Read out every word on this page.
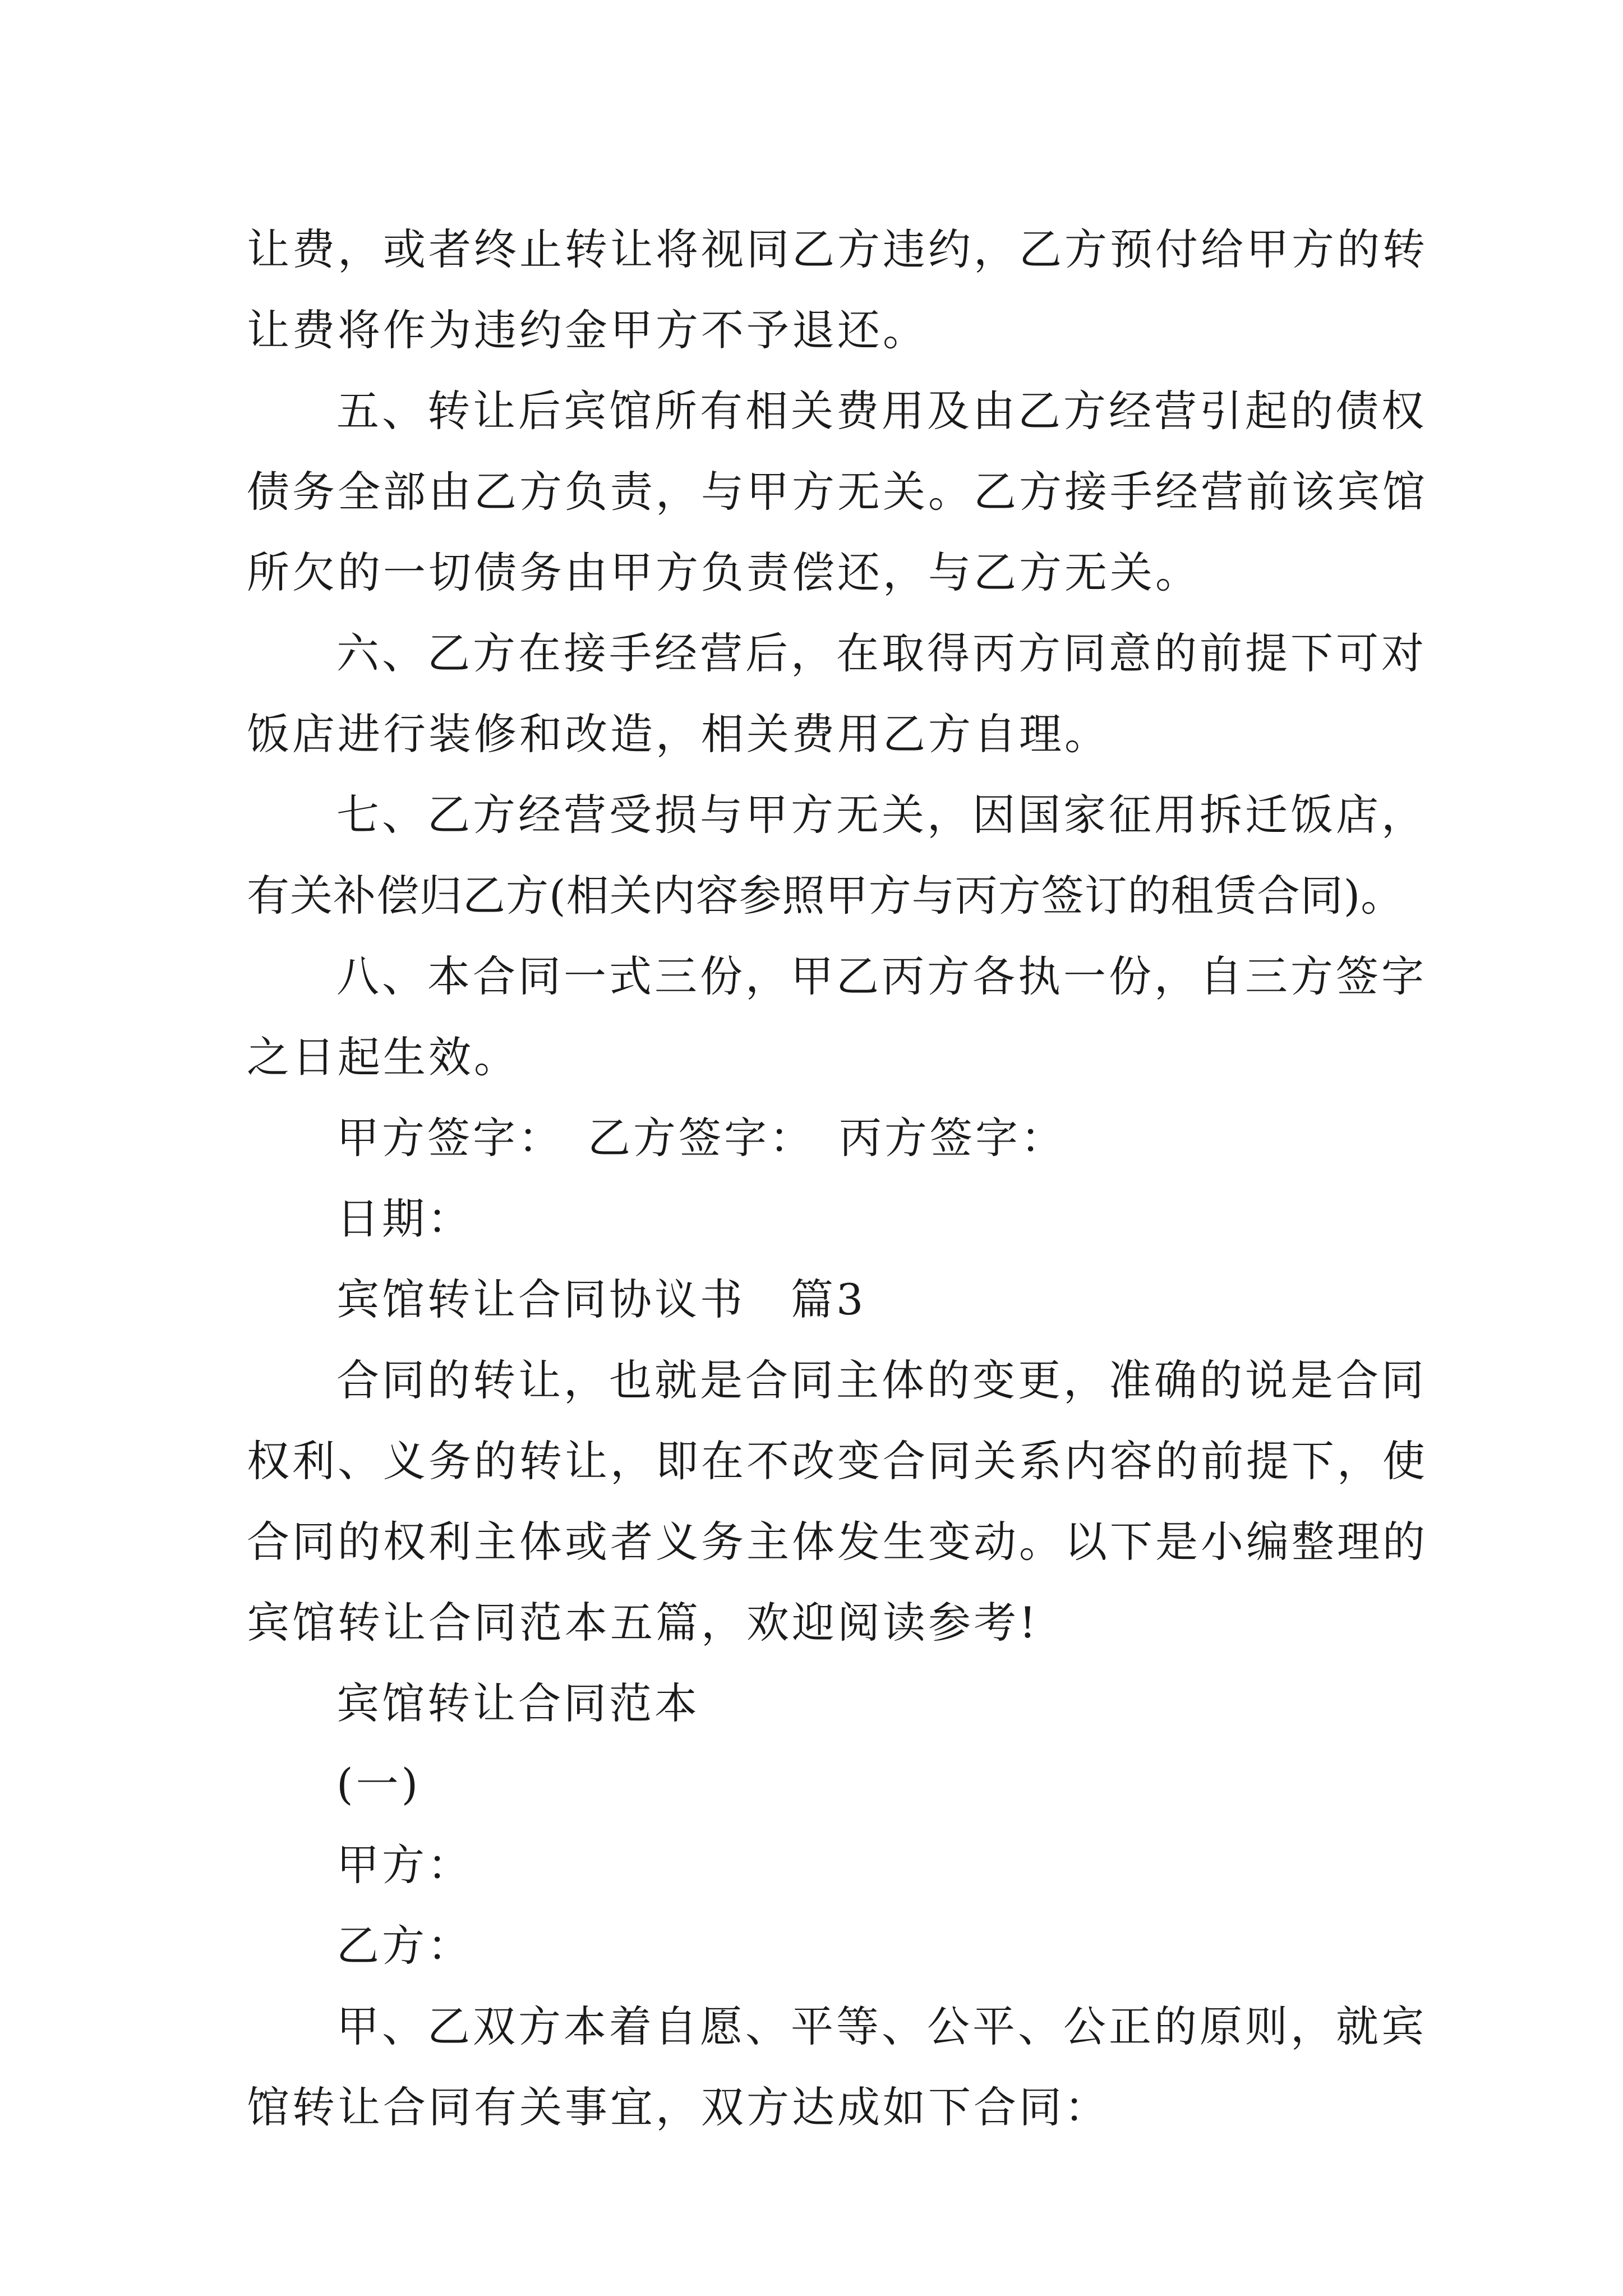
让费，或者终止转让将视同乙方违约，乙方预付给甲方的转
让费将作为违约金甲方不予退还。
五、转让后宾馆所有相关费用及由乙方经营引起的债权
债务全部由乙方负责，与甲方无关。乙方接手经营前该宾馆
所欠的一切债务由甲方负责偿还，与乙方无关。
六、乙方在接手经营后，在取得丙方同意的前提下可对
饭店进行装修和改造，相关费用乙方自理。
七、乙方经营受损与甲方无关，因国家征用拆迁饭店，
有关补偿归乙方(相关内容参照甲方与丙方签订的租赁合同)。
八、本合同一式三份，甲乙丙方各执一份，自三方签字
之日起生效。
甲方签字：　乙方签字：　丙方签字：
日期：
宾馆转让合同协议书　篇3
合同的转让，也就是合同主体的变更，准确的说是合同
权利、义务的转让，即在不改变合同关系内容的前提下，使
合同的权利主体或者义务主体发生变动。以下是小编整理的
宾馆转让合同范本五篇，欢迎阅读参考!
宾馆转让合同范本
(一)
甲方：
乙方：
甲、乙双方本着自愿、平等、公平、公正的原则，就宾
馆转让合同有关事宜，双方达成如下合同：
